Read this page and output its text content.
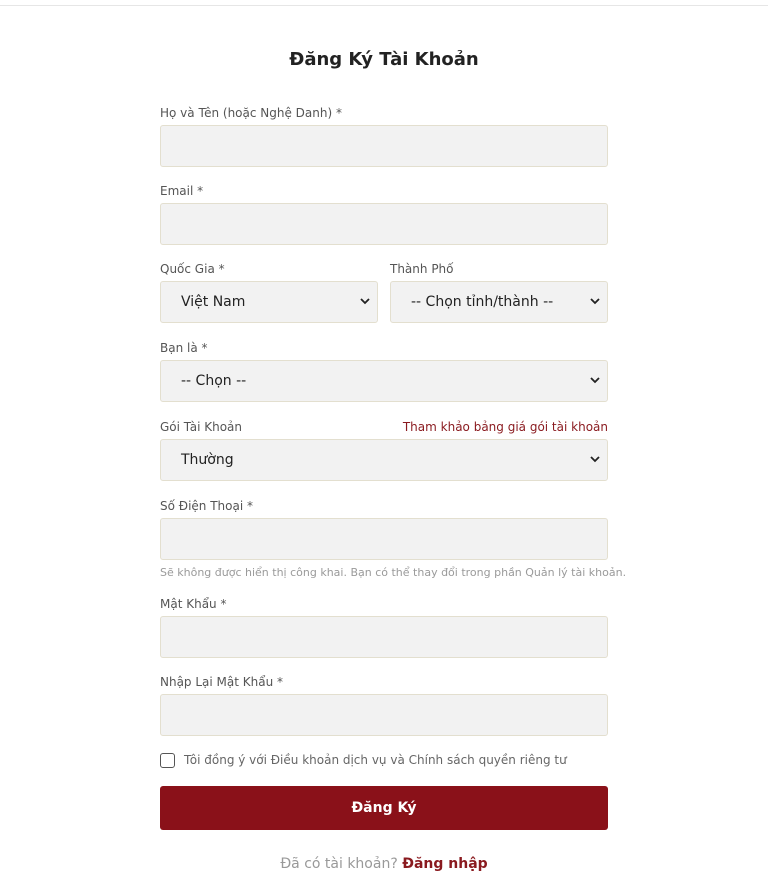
Đăng Ký Tài Khoản
Họ và Tên (hoặc Nghệ Danh) *
Email *
Quốc Gia *
Việt Nam
Thành Phố
-- Chọn tỉnh/thành --
Bạn là *
-- Chọn --
Gói Tài Khoản	Tham khảo bảng giá gói tài khoản
Thường
Số Điện Thoại *
Sẽ không được hiển thị công khai. Bạn có thể thay đổi trong phần Quản lý tài khoản.
Mật Khẩu *
Nhập Lại Mật Khẩu *
Tôi đồng ý với Điều khoản dịch vụ và Chính sách quyền riêng tư
Đăng Ký
Đã có tài khoản? Đăng nhập
